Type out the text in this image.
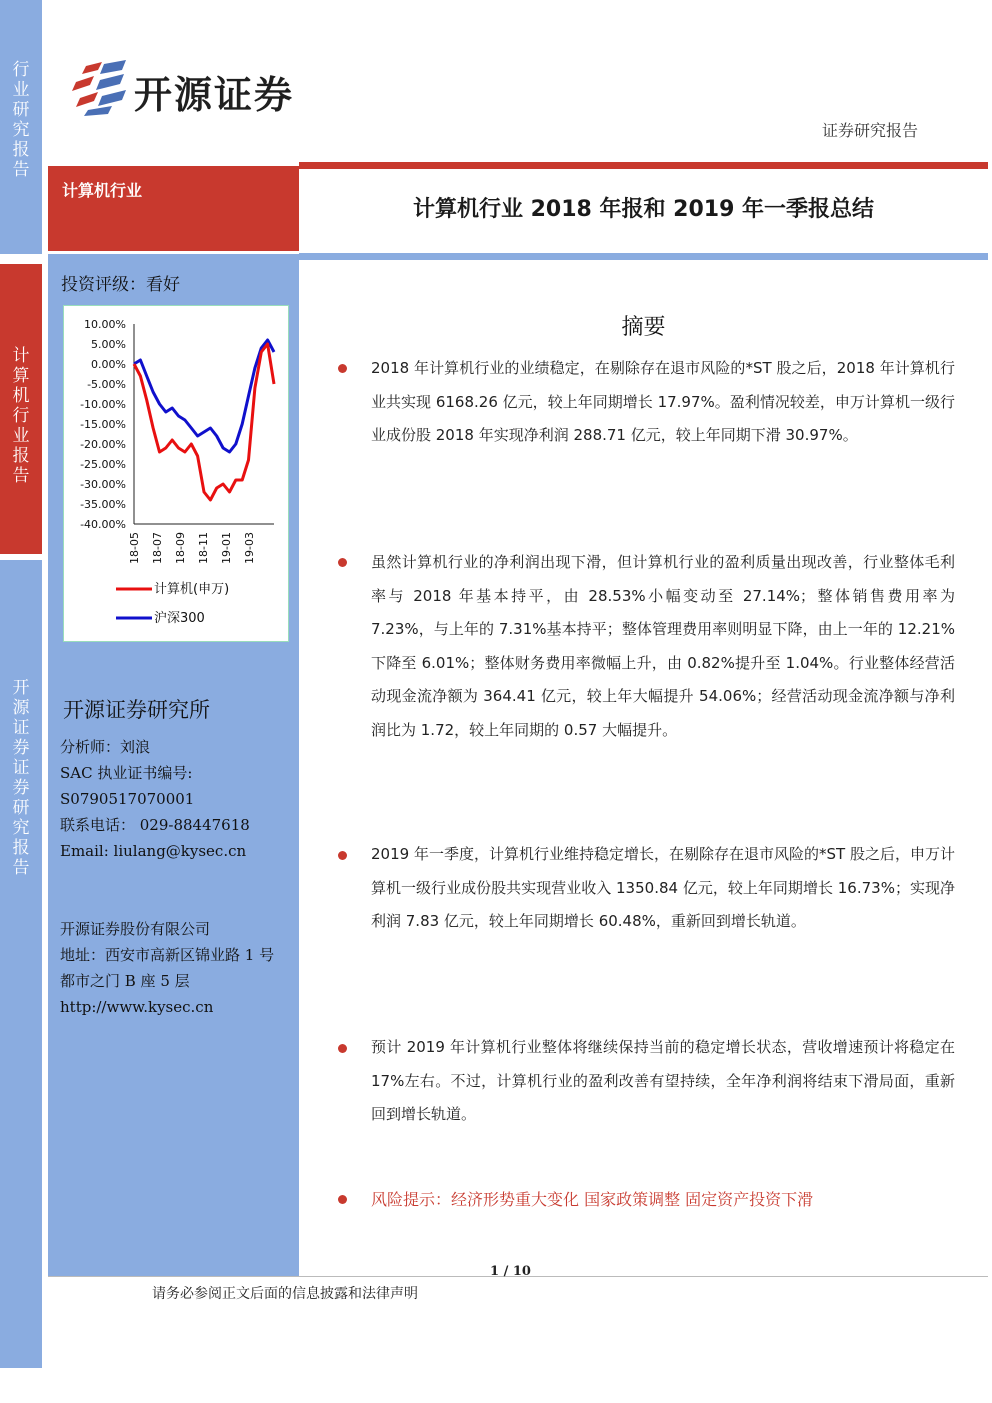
行业研究报告
计算机行业报告
开源证券证券研究报告
开源证券
证券研究报告
计算机行业
计算机行业 2018 年报和 2019 年一季报总结
投资评级：看好
10.00%
5.00%
0.00%
-5.00%
-10.00%
-15.00%
-20.00%
-25.00%
-30.00%
-35.00%
-40.00%
18-05 18-07 18-09 18-11 19-01 19-03
计算机(申万)
沪深300
开源证券研究所
分析师：刘浪
SAC 执业证书编号:
S0790517070001
联系电话： 029-88447618
Email: liulang@kysec.cn
开源证券股份有限公司
地址：西安市高新区锦业路 1 号
都市之门 B 座 5 层
http://www.kysec.cn
摘要
2018 年计算机行业的业绩稳定，在剔除存在退市风险的*ST 股之后，2018 年计算机行业共实现 6168.26 亿元，较上年同期增长 17.97%。盈利情况较差，申万计算机一级行业成份股 2018 年实现净利润 288.71 亿元，较上年同期下滑 30.97%。
虽然计算机行业的净利润出现下滑，但计算机行业的盈利质量出现改善，行业整体毛利率与 2018 年基本持平，由 28.53%小幅变动至 27.14%；整体销售费用率为 7.23%，与上年的 7.31%基本持平；整体管理费用率则明显下降，由上一年的 12.21%下降至 6.01%；整体财务费用率微幅上升，由 0.82%提升至 1.04%。行业整体经营活动现金流净额为 364.41 亿元，较上年大幅提升 54.06%；经营活动现金流净额与净利润比为 1.72，较上年同期的 0.57 大幅提升。
2019 年一季度，计算机行业维持稳定增长，在剔除存在退市风险的*ST 股之后，申万计算机一级行业成份股共实现营业收入 1350.84 亿元，较上年同期增长 16.73%；实现净利润 7.83 亿元，较上年同期增长 60.48%，重新回到增长轨道。
预计 2019 年计算机行业整体将继续保持当前的稳定增长状态，营收增速预计将稳定在 17%左右。不过，计算机行业的盈利改善有望持续，全年净利润将结束下滑局面，重新回到增长轨道。
风险提示：经济形势重大变化 国家政策调整 固定资产投资下滑
1 / 10
请务必参阅正文后面的信息披露和法律声明
